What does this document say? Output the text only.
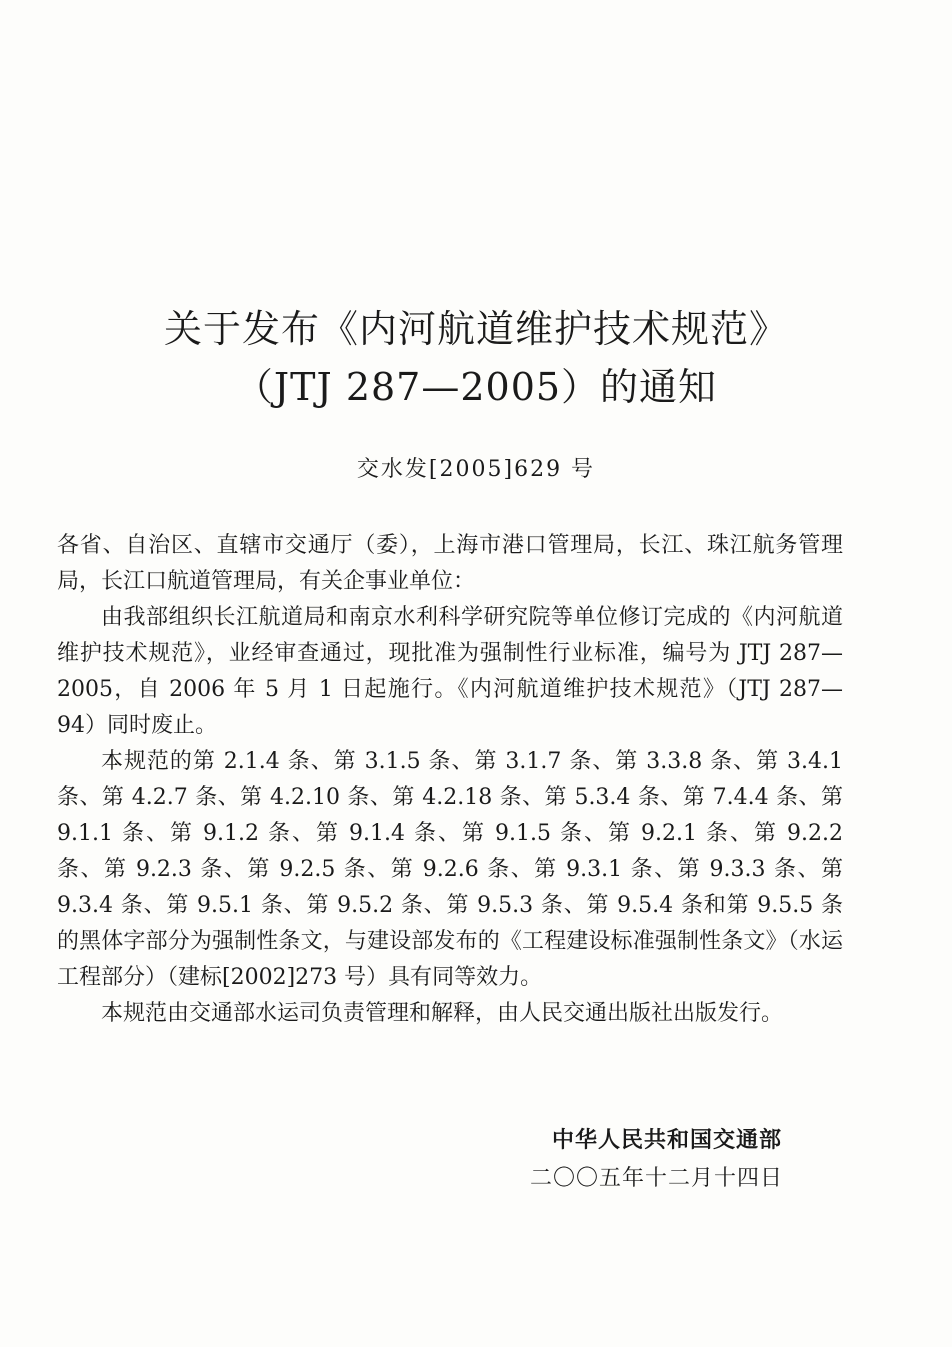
关于发布《内河航道维护技术规范》
（JTJ 287—2005）的通知

交水发[2005]629 号

各省、自治区、直辖市交通厅（委），上海市港口管理局，长江、珠江航务管理局，长江口航道管理局，有关企事业单位：

由我部组织长江航道局和南京水利科学研究院等单位修订完成的《内河航道维护技术规范》，业经审查通过，现批准为强制性行业标准，编号为 JTJ 287—2005，自 2006 年 5 月 1 日起施行。《内河航道维护技术规范》（JTJ 287—94）同时废止。

本规范的第 2.1.4 条、第 3.1.5 条、第 3.1.7 条、第 3.3.8 条、第 3.4.1 条、第 4.2.7 条、第 4.2.10 条、第 4.2.18 条、第 5.3.4 条、第 7.4.4 条、第 9.1.1 条、第 9.1.2 条、第 9.1.4 条、第 9.1.5 条、第 9.2.1 条、第 9.2.2 条、第 9.2.3 条、第 9.2.5 条、第 9.2.6 条、第 9.3.1 条、第 9.3.3 条、第 9.3.4 条、第 9.5.1 条、第 9.5.2 条、第 9.5.3 条、第 9.5.4 条和第 9.5.5 条的黑体字部分为强制性条文，与建设部发布的《工程建设标准强制性条文》（水运工程部分）（建标[2002]273 号）具有同等效力。

本规范由交通部水运司负责管理和解释，由人民交通出版社出版发行。

中华人民共和国交通部
二〇〇五年十二月十四日
